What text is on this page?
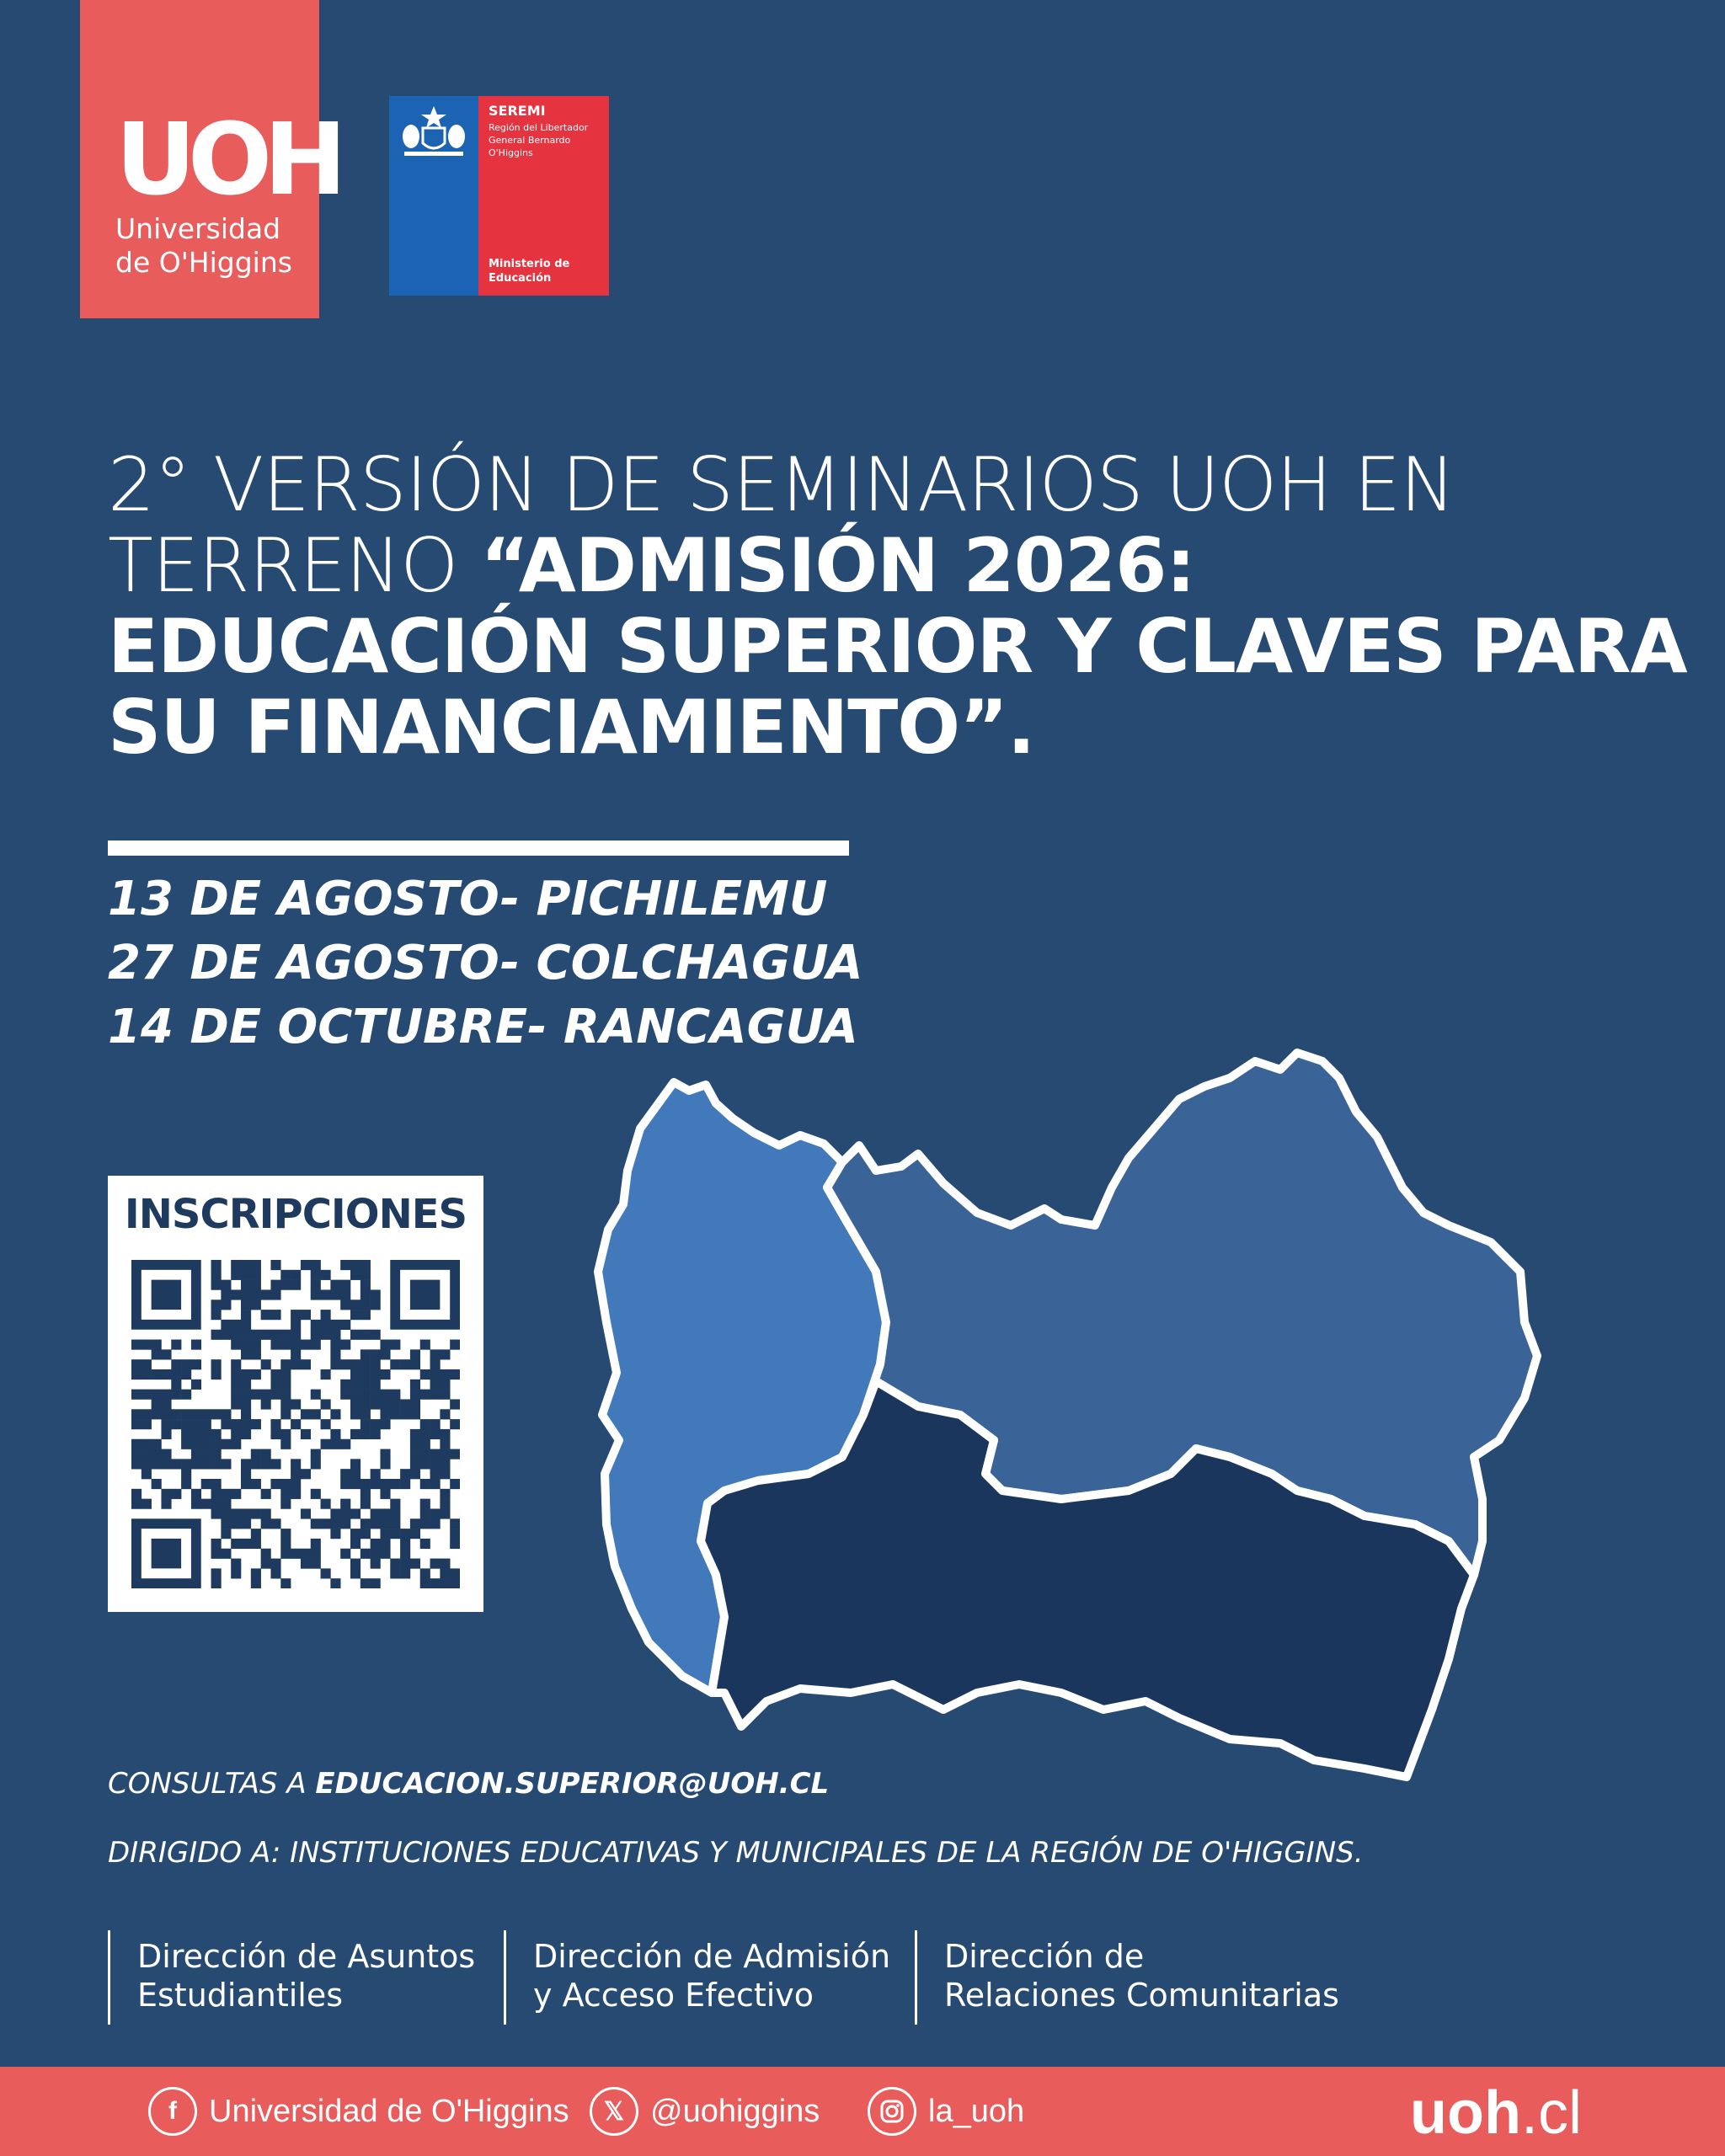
UOH
Universidad
de O'Higgins
SEREMI
Región del Libertador General Bernardo O'Higgins
Ministerio de Educación
2° VERSIÓN DE SEMINARIOS UOH EN TERRENO “ADMISIÓN 2026: EDUCACIÓN SUPERIOR Y CLAVES PARA SU FINANCIAMIENTO”.
13 DE AGOSTO- PICHILEMU
27 DE AGOSTO- COLCHAGUA
14 DE OCTUBRE- RANCAGUA
INSCRIPCIONES
CONSULTAS A EDUCACION.SUPERIOR@UOH.CL
DIRIGIDO A: INSTITUCIONES EDUCATIVAS Y MUNICIPALES DE LA REGIÓN DE O'HIGGINS.
Dirección de Asuntos
Estudiantiles
Dirección de Admisión
y Acceso Efectivo
Dirección de
Relaciones Comunitarias
f	Universidad de O'Higgins	𝕏 @uohiggins	la_uoh	uoh.cl
